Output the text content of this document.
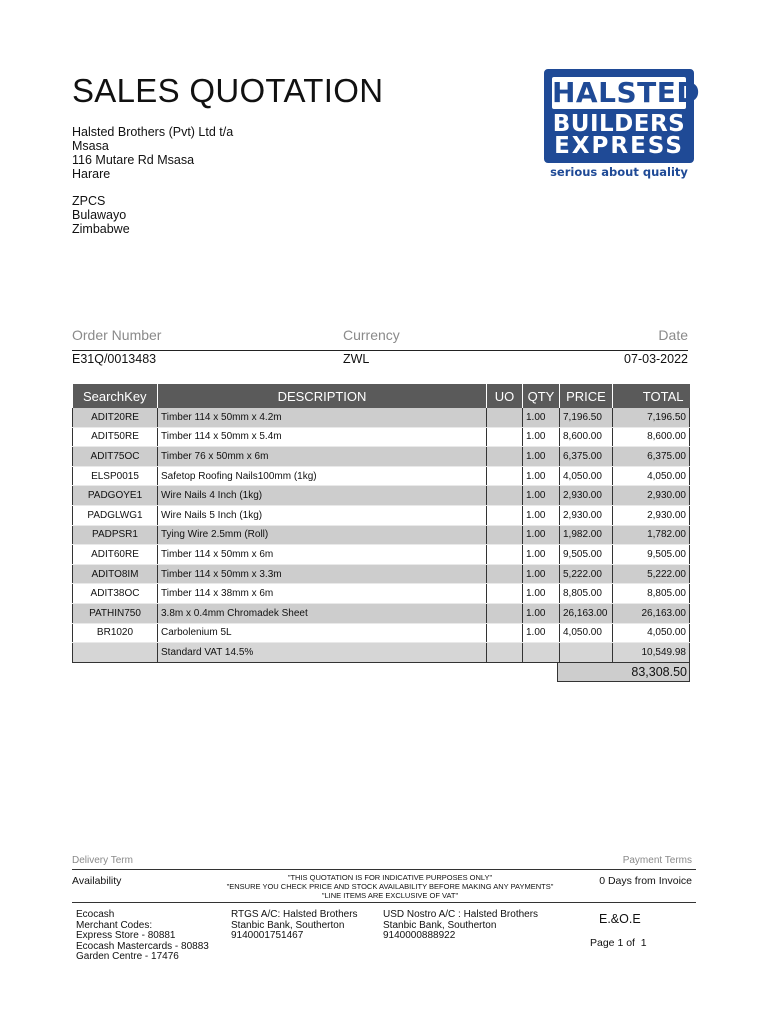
SALES QUOTATION
Halsted Brothers (Pvt) Ltd t/a
Msasa
116 Mutare Rd Msasa
Harare
ZPCS
Bulawayo
Zimbabwe
HALSTED
BUILDERS
EXPRESS
serious about quality
Order Number	Currency	Date
E31Q/0013483	ZWL	07-03-2022
SearchKey	DESCRIPTION	UO	QTY	PRICE	TOTAL
ADIT20RE	Timber 114 x 50mm x 4.2m		1.00	7,196.50	7,196.50
ADIT50RE	Timber 114 x 50mm x 5.4m		1.00	8,600.00	8,600.00
ADIT75OC	Timber 76 x 50mm x 6m		1.00	6,375.00	6,375.00
ELSP0015	Safetop Roofing Nails100mm (1kg)		1.00	4,050.00	4,050.00
PADGOYE1	Wire Nails 4 Inch (1kg)		1.00	2,930.00	2,930.00
PADGLWG1	Wire Nails 5 Inch (1kg)		1.00	2,930.00	2,930.00
PADPSR1	Tying Wire 2.5mm (Roll)		1.00	1,982.00	1,782.00
ADIT60RE	Timber 114 x 50mm x 6m		1.00	9,505.00	9,505.00
ADITO8IM	Timber 114 x 50mm x 3.3m		1.00	5,222.00	5,222.00
ADIT38OC	Timber 114 x 38mm x 6m		1.00	8,805.00	8,805.00
PATHIN750	3.8m x 0.4mm Chromadek Sheet		1.00	26,163.00	26,163.00
BR1020	Carbolenium 5L		1.00	4,050.00	4,050.00
	Standard VAT 14.5%				10,549.98
83,308.50
Delivery Term	Payment Terms
Availability	"THIS QUOTATION IS FOR INDICATIVE PURPOSES ONLY"
"ENSURE YOU CHECK PRICE AND STOCK AVAILABILITY BEFORE MAKING ANY PAYMENTS"
"LINE ITEMS ARE EXCLUSIVE OF VAT"
0 Days from Invoice
Ecocash
Merchant Codes:
Express Store - 80881
Ecocash Mastercards - 80883
Garden Centre - 17476
RTGS A/C: Halsted Brothers
Stanbic Bank, Southerton
9140001751467
USD Nostro A/C : Halsted Brothers
Stanbic Bank, Southerton
9140000888922
E.&O.E
Page 1 of  1
